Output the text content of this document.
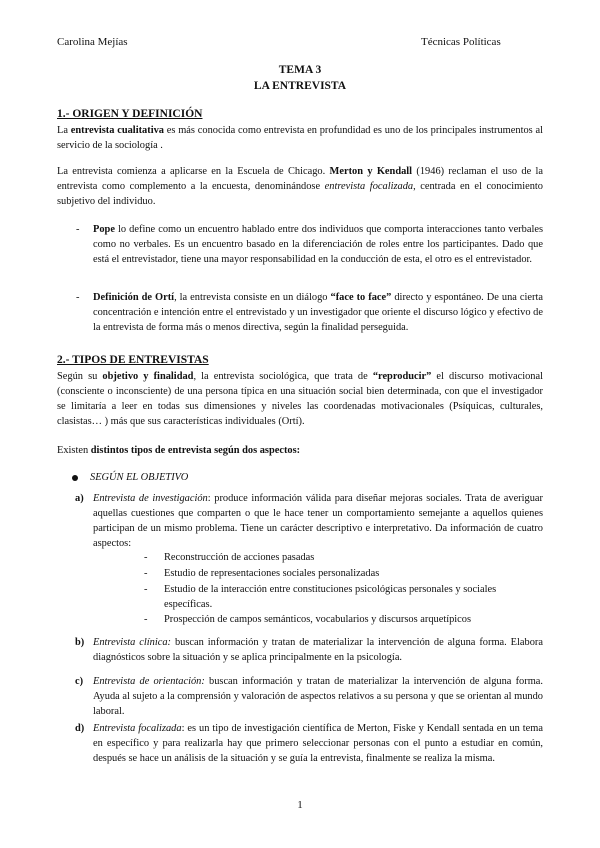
Carolina Mejías	Técnicas Políticas
TEMA 3
LA ENTREVISTA
1.- ORIGEN Y DEFINICIÓN
La entrevista cualitativa es más conocida como entrevista en profundidad es uno de los principales instrumentos al servicio de la sociología .
La entrevista comienza a aplicarse en la Escuela de Chicago. Merton y Kendall (1946) reclaman el uso de la entrevista como complemento a la encuesta, denominándose entrevista focalizada, centrada en el conocimiento subjetivo del individuo.
- Pope lo define como un encuentro hablado entre dos individuos que comporta interacciones tanto verbales como no verbales. Es un encuentro basado en la diferenciación de roles entre los participantes. Dado que está el entrevistador, tiene una mayor responsabilidad en la conducción de esta, el otro es el entrevistador.
- Definición de Ortí, la entrevista consiste en un diálogo “face to face” directo y espontáneo. De una cierta concentración e intención entre el entrevistado y un investigador que oriente el discurso lógico y efectivo de la entrevista de forma más o menos directiva, según la finalidad perseguida.
2.- TIPOS DE ENTREVISTAS
Según su objetivo y finalidad, la entrevista sociológica, que trata de “reproducir” el discurso motivacional (consciente o inconsciente) de una persona típica en una situación social bien determinada, con que el investigador se limitaría a leer en todas sus dimensiones y niveles las coordenadas motivacionales (Psíquicas, culturales, clasistas… ) más que sus características individuales (Ortí).
Existen distintos tipos de entrevista según dos aspectos:
SEGÚN EL OBJETIVO
a) Entrevista de investigación: produce información válida para diseñar mejoras sociales. Trata de averiguar aquellas cuestiones que comparten o que le hace tener un comportamiento semejante a aquellos quienes participan de un mismo problema. Tiene un carácter descriptivo e interpretativo. Da información de cuatro aspectos:
- Reconstrucción de acciones pasadas
- Estudio de representaciones sociales personalizadas
- Estudio de la interacción entre constituciones psicológicas personales y sociales específicas.
- Prospección de campos semánticos, vocabularios y discursos arquetípicos
b) Entrevista clínica: buscan información y tratan de materializar la intervención de alguna forma. Elabora diagnósticos sobre la situación y se aplica principalmente en la psicología.
c) Entrevista de orientación: buscan información y tratan de materializar la intervención de alguna forma. Ayuda al sujeto a la comprensión y valoración de aspectos relativos a su persona y que se orientan al mundo laboral.
d) Entrevista focalizada: es un tipo de investigación científica de Merton, Fiske y Kendall sentada en un tema en específico y para realizarla hay que primero seleccionar personas con el punto a estudiar en común, después se hace un análisis de la situación y se guía la entrevista, finalmente se realiza la misma.
1
